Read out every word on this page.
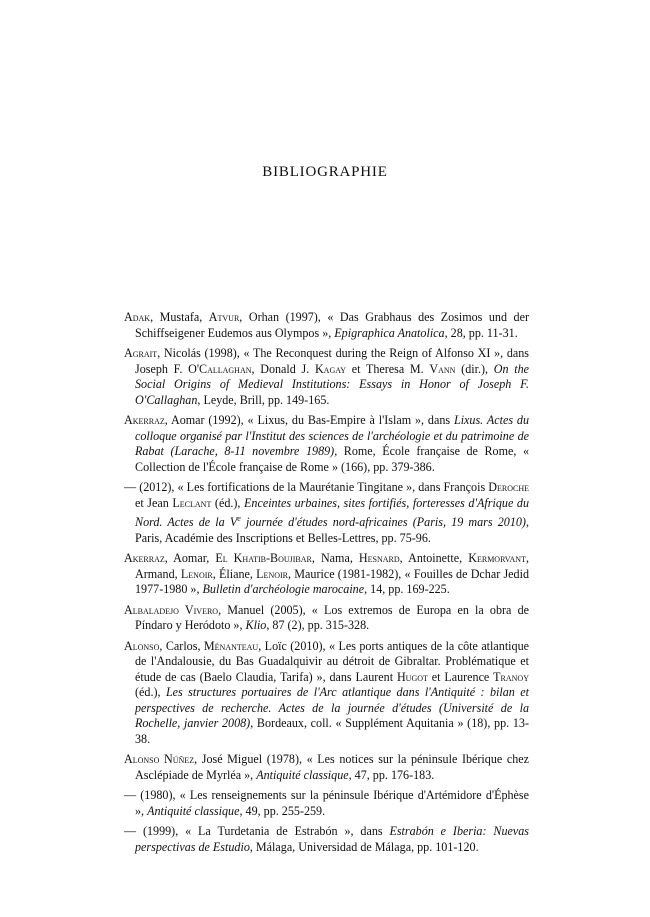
BIBLIOGRAPHIE

Adak, Mustafa, Atvur, Orhan (1997), « Das Grabhaus des Zosimos und der Schiffseigener Eudemos aus Olympos », Epigraphica Anatolica, 28, pp. 11-31.

Agrait, Nicolás (1998), « The Reconquest during the Reign of Alfonso XI », dans Joseph F. O'Callaghan, Donald J. Kagay et Theresa M. Vann (dir.), On the Social Origins of Medieval Institutions: Essays in Honor of Joseph F. O'Callaghan, Leyde, Brill, pp. 149-165.

Akerraz, Aomar (1992), « Lixus, du Bas-Empire à l'Islam », dans Lixus. Actes du colloque organisé par l'Institut des sciences de l'archéologie et du patrimoine de Rabat (Larache, 8-11 novembre 1989), Rome, École française de Rome, « Collection de l'École française de Rome » (166), pp. 379-386.

— (2012), « Les fortifications de la Maurétanie Tingitane », dans François Deroche et Jean Leclant (éd.), Enceintes urbaines, sites fortifiés, forteresses d'Afrique du Nord. Actes de la Ve journée d'études nord-africaines (Paris, 19 mars 2010), Paris, Académie des Inscriptions et Belles-Lettres, pp. 75-96.

Akerraz, Aomar, El Khatib-Boujibar, Nama, Hesnard, Antoinette, Kermorvant, Armand, Lenoir, Éliane, Lenoir, Maurice (1981-1982), « Fouilles de Dchar Jedid 1977-1980 », Bulletin d'archéologie marocaine, 14, pp. 169-225.

Albaladejo Vivero, Manuel (2005), « Los extremos de Europa en la obra de Píndaro y Heródoto », Klio, 87 (2), pp. 315-328.

Alonso, Carlos, Ménanteau, Loïc (2010), « Les ports antiques de la côte atlantique de l'Andalousie, du Bas Guadalquivir au détroit de Gibraltar. Problématique et étude de cas (Baelo Claudia, Tarifa) », dans Laurent Hugot et Laurence Tranoy (éd.), Les structures portuaires de l'Arc atlantique dans l'Antiquité : bilan et perspectives de recherche. Actes de la journée d'études (Université de la Rochelle, janvier 2008), Bordeaux, coll. « Supplément Aquitania » (18), pp. 13-38.

Alonso Núñez, José Miguel (1978), « Les notices sur la péninsule Ibérique chez Asclépiade de Myrléa », Antiquité classique, 47, pp. 176-183.

— (1980), « Les renseignements sur la péninsule Ibérique d'Artémidore d'Éphèse », Antiquité classique, 49, pp. 255-259.

— (1999), « La Turdetania de Estrabón », dans Estrabón e Iberia: Nuevas perspectivas de Estudio, Málaga, Universidad de Málaga, pp. 101-120.
